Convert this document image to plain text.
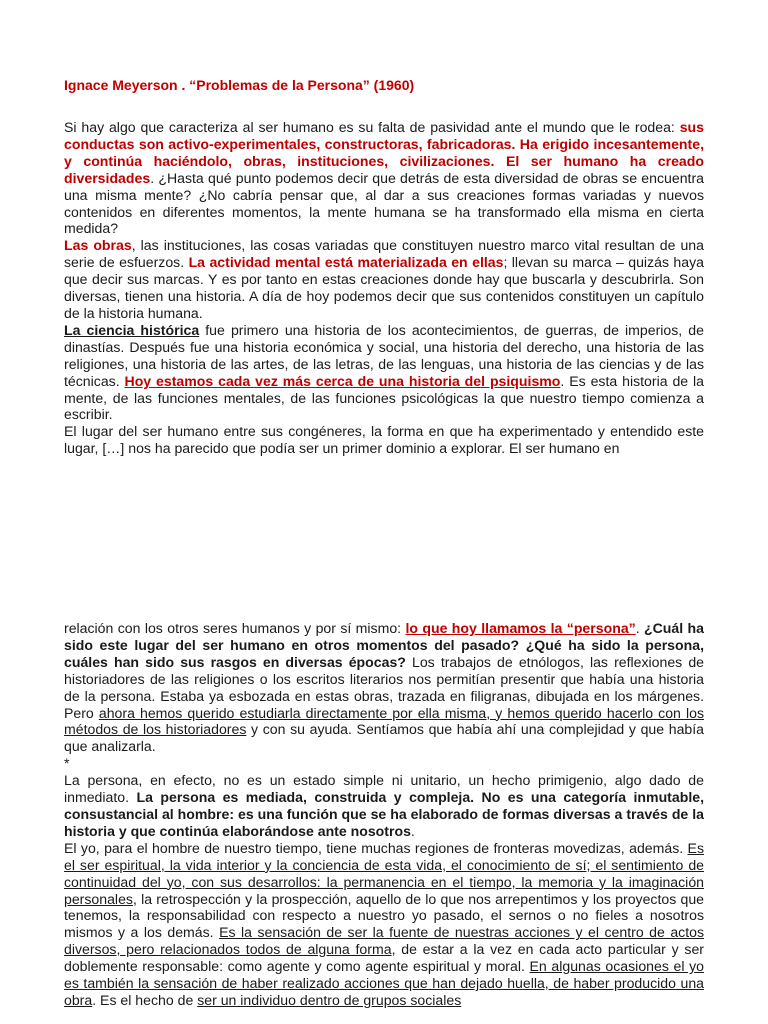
Ignace Meyerson . “Problemas de la Persona” (1960)

Si hay algo que caracteriza al ser humano es su falta de pasividad ante el mundo que le rodea: sus conductas son activo-experimentales, constructoras, fabricadoras. Ha erigido incesantemente, y continúa haciéndolo, obras, instituciones, civilizaciones. El ser humano ha creado diversidades. ¿Hasta qué punto podemos decir que detrás de esta diversidad de obras se encuentra una misma mente? ¿No cabría pensar que, al dar a sus creaciones formas variadas y nuevos contenidos en diferentes momentos, la mente humana se ha transformado ella misma en cierta medida?

Las obras, las instituciones, las cosas variadas que constituyen nuestro marco vital resultan de una serie de esfuerzos. La actividad mental está materializada en ellas; llevan su marca – quizás haya que decir sus marcas. Y es por tanto en estas creaciones donde hay que buscarla y descubrirla. Son diversas, tienen una historia. A día de hoy podemos decir que sus contenidos constituyen un capítulo de la historia humana.

La ciencia histórica fue primero una historia de los acontecimientos, de guerras, de imperios, de dinastías. Después fue una historia económica y social, una historia del derecho, una historia de las religiones, una historia de las artes, de las letras, de las lenguas, una historia de las ciencias y de las técnicas. Hoy estamos cada vez más cerca de una historia del psiquismo. Es esta historia de la mente, de las funciones mentales, de las funciones psicológicas la que nuestro tiempo comienza a escribir.

El lugar del ser humano entre sus congéneres, la forma en que ha experimentado y entendido este lugar, […] nos ha parecido que podía ser un primer dominio a explorar. El ser humano en

relación con los otros seres humanos y por sí mismo: lo que hoy llamamos la “persona”. ¿Cuál ha sido este lugar del ser humano en otros momentos del pasado? ¿Qué ha sido la persona, cuáles han sido sus rasgos en diversas épocas? Los trabajos de etnólogos, las reflexiones de historiadores de las religiones o los escritos literarios nos permitían presentir que había una historia de la persona. Estaba ya esbozada en estas obras, trazada en filigranas, dibujada en los márgenes. Pero ahora hemos querido estudiarla directamente por ella misma, y hemos querido hacerlo con los métodos de los historiadores y con su ayuda. Sentíamos que había ahí una complejidad y que había que analizarla.

*

La persona, en efecto, no es un estado simple ni unitario, un hecho primigenio, algo dado de inmediato. La persona es mediada, construida y compleja. No es una categoría inmutable, consustancial al hombre: es una función que se ha elaborado de formas diversas a través de la historia y que continúa elaborándose ante nosotros.

El yo, para el hombre de nuestro tiempo, tiene muchas regiones de fronteras movedizas, además. Es el ser espiritual, la vida interior y la conciencia de esta vida, el conocimiento de sí; el sentimiento de continuidad del yo, con sus desarrollos: la permanencia en el tiempo, la memoria y la imaginación personales, la retrospección y la prospección, aquello de lo que nos arrepentimos y los proyectos que tenemos, la responsabilidad con respecto a nuestro yo pasado, el sernos o no fieles a nosotros mismos y a los demás. Es la sensación de ser la fuente de nuestras acciones y el centro de actos diversos, pero relacionados todos de alguna forma, de estar a la vez en cada acto particular y ser doblemente responsable: como agente y como agente espiritual y moral. En algunas ocasiones el yo es también la sensación de haber realizado acciones que han dejado huella, de haber producido una obra. Es el hecho de ser un individuo dentro de grupos sociales
